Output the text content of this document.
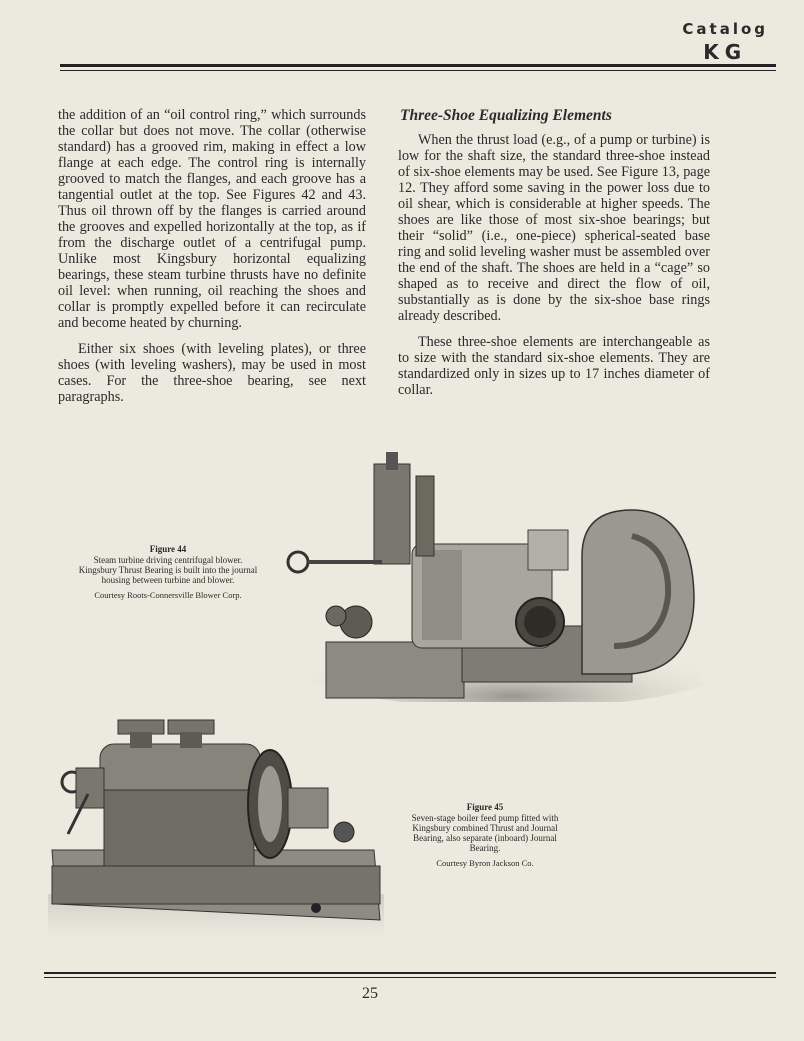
Catalog
KG

the addition of an “oil control ring,” which surrounds the collar but does not move. The collar (otherwise standard) has a grooved rim, making in effect a low flange at each edge. The control ring is internally grooved to match the flanges, and each groove has a tangential outlet at the top. See Figures 42 and 43. Thus oil thrown off by the flanges is carried around the grooves and expelled horizontally at the top, as if from the discharge outlet of a centrifugal pump. Unlike most Kingsbury horizontal equalizing bearings, these steam turbine thrusts have no definite oil level: when running, oil reaching the shoes and collar is promptly expelled before it can recirculate and become heated by churning.

Either six shoes (with leveling plates), or three shoes (with leveling washers), may be used in most cases. For the three-shoe bearing, see next paragraphs.

Three-Shoe Equalizing Elements

When the thrust load (e.g., of a pump or turbine) is low for the shaft size, the standard three-shoe instead of six-shoe elements may be used. See Figure 13, page 12. They afford some saving in the power loss due to oil shear, which is considerable at higher speeds. The shoes are like those of most six-shoe bearings; but their “solid” (i.e., one-piece) spherical-seated base ring and solid leveling washer must be assembled over the end of the shaft. The shoes are held in a “cage” so shaped as to receive and direct the flow of oil, substantially as is done by the six-shoe base rings already described.

These three-shoe elements are interchangeable as to size with the standard six-shoe elements. They are standardized only in sizes up to 17 inches diameter of collar.

Figure 44
Steam turbine driving centrifugal blower. Kingsbury Thrust Bearing is built into the journal housing between turbine and blower.
Courtesy Roots-Connersville Blower Corp.
Figure 45
Seven-stage boiler feed pump fitted with Kingsbury combined Thrust and Journal Bearing, also separate (inboard) Journal Bearing.
Courtesy Byron Jackson Co.
25
